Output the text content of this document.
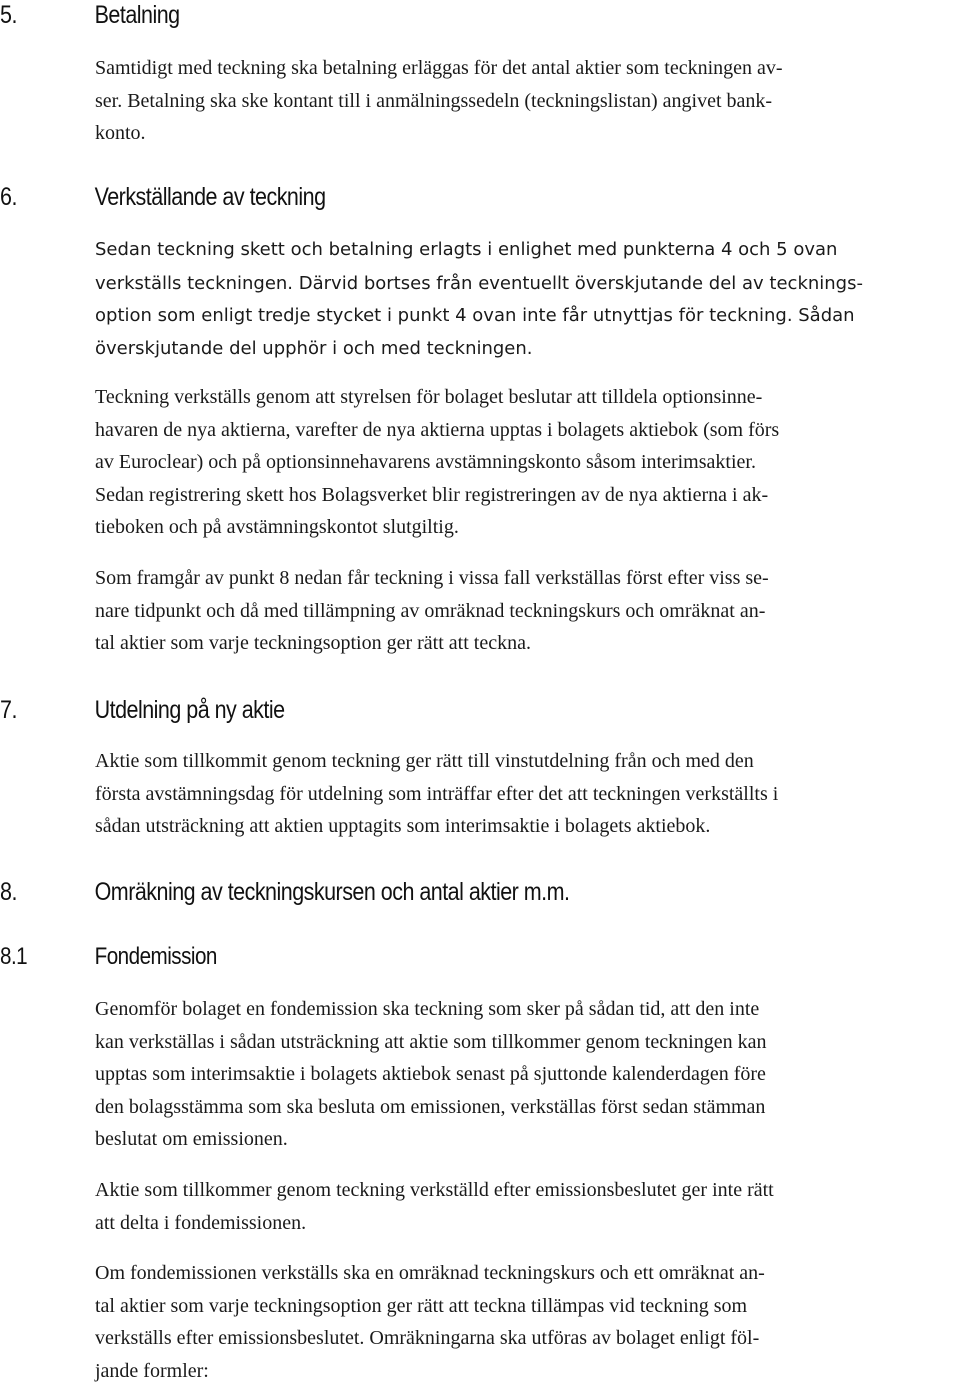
5.	Betalning
Samtidigt med teckning ska betalning erläggas för det antal aktier som teckningen av-
ser. Betalning ska ske kontant till i anmälningssedeln (teckningslistan) angivet bank-
konto.
6.	Verkställande av teckning
Sedan teckning skett och betalning erlagts i enlighet med punkterna 4 och 5 ovan
verkställs teckningen. Därvid bortses från eventuellt överskjutande del av tecknings-
option som enligt tredje stycket i punkt 4 ovan inte får utnyttjas för teckning. Sådan
överskjutande del upphör i och med teckningen.
Teckning verkställs genom att styrelsen för bolaget beslutar att tilldela optionsinne-
havaren de nya aktierna, varefter de nya aktierna upptas i bolagets aktiebok (som förs
av Euroclear) och på optionsinnehavarens avstämningskonto såsom interimsaktier.
Sedan registrering skett hos Bolagsverket blir registreringen av de nya aktierna i ak-
tieboken och på avstämningskontot slutgiltig.
Som framgår av punkt 8 nedan får teckning i vissa fall verkställas först efter viss se-
nare tidpunkt och då med tillämpning av omräknad teckningskurs och omräknat an-
tal aktier som varje teckningsoption ger rätt att teckna.
7.	Utdelning på ny aktie
Aktie som tillkommit genom teckning ger rätt till vinstutdelning från och med den
första avstämningsdag för utdelning som inträffar efter det att teckningen verkställts i
sådan utsträckning att aktien upptagits som interimsaktie i bolagets aktiebok.
8.	Omräkning av teckningskursen och antal aktier m.m.
8.1	Fondemission
Genomför bolaget en fondemission ska teckning som sker på sådan tid, att den inte
kan verkställas i sådan utsträckning att aktie som tillkommer genom teckningen kan
upptas som interimsaktie i bolagets aktiebok senast på sjuttonde kalenderdagen före
den bolagsstämma som ska besluta om emissionen, verkställas först sedan stämman
beslutat om emissionen.
Aktie som tillkommer genom teckning verkställd efter emissionsbeslutet ger inte rätt
att delta i fondemissionen.
Om fondemissionen verkställs ska en omräknad teckningskurs och ett omräknat an-
tal aktier som varje teckningsoption ger rätt att teckna tillämpas vid teckning som
verkställs efter emissionsbeslutet. Omräkningarna ska utföras av bolaget enligt föl-
jande formler:
